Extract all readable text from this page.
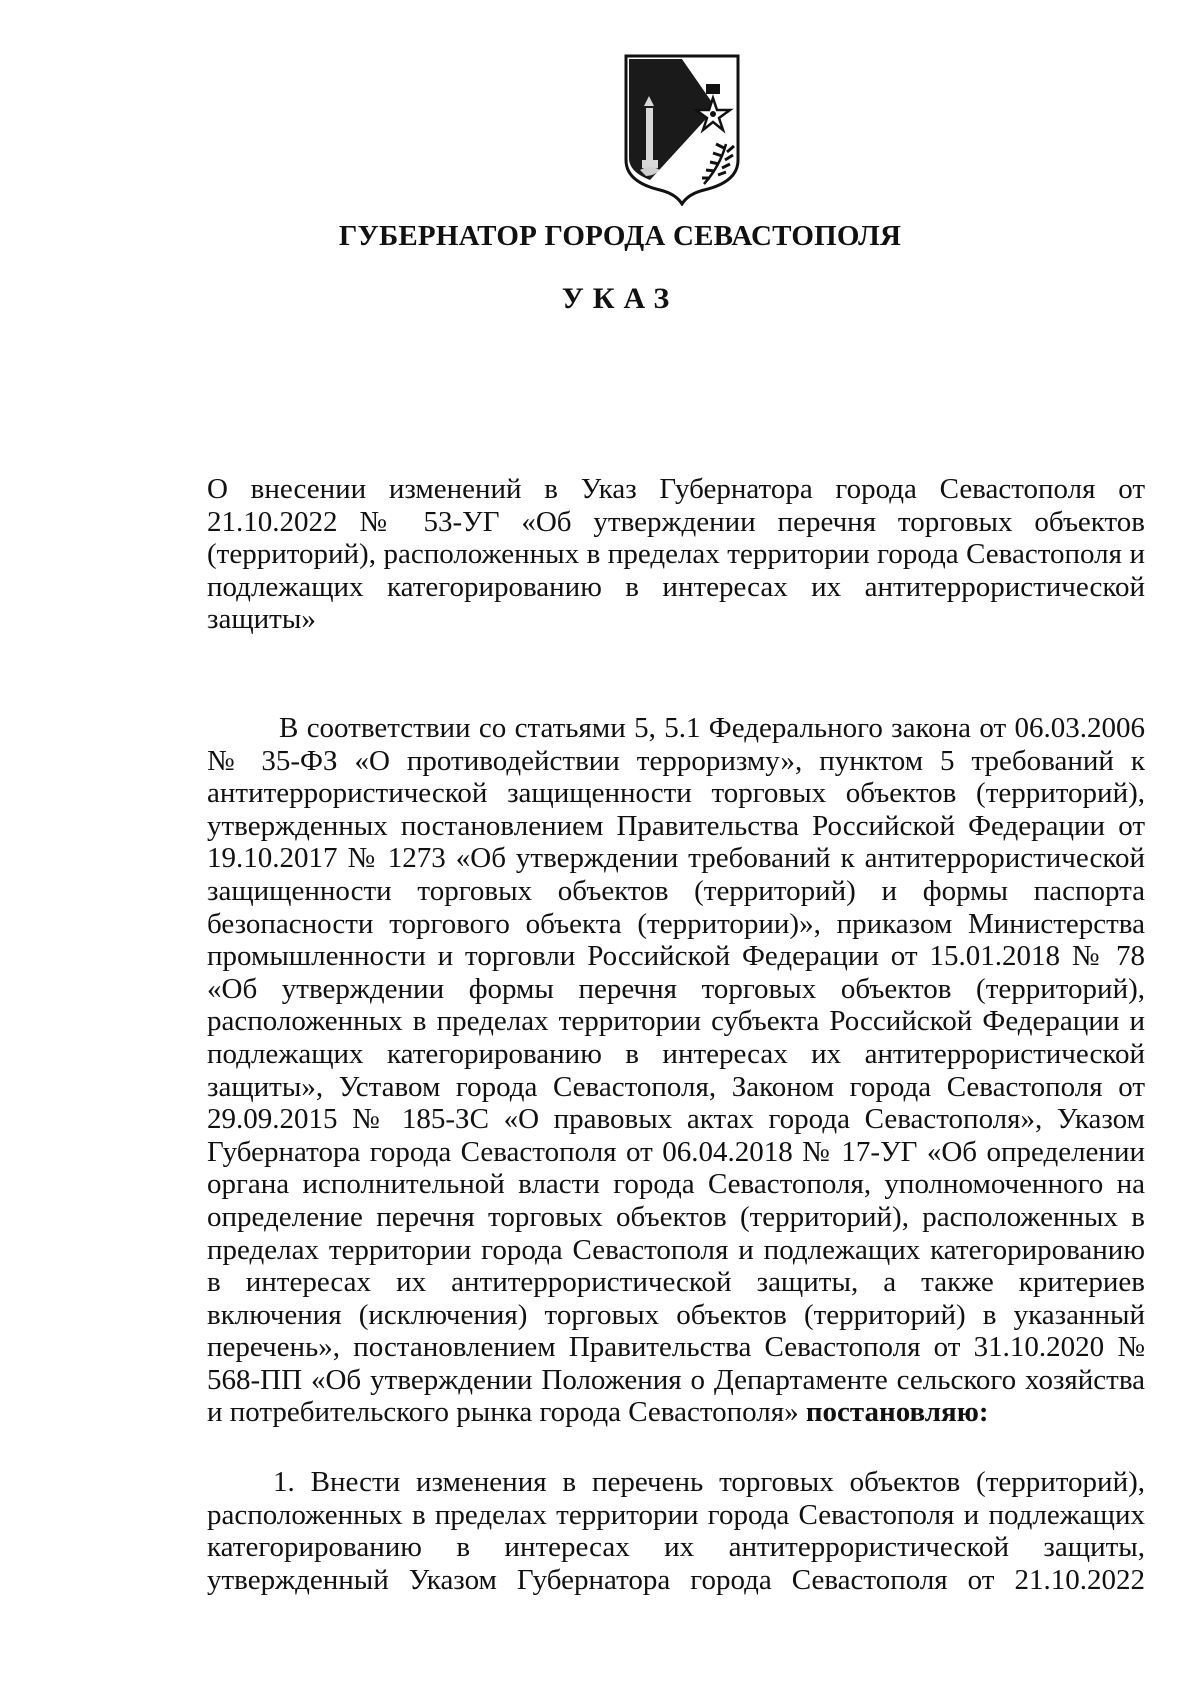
ГУБЕРНАТОР ГОРОДА СЕВАСТОПОЛЯ
УКАЗ
О внесении изменений в Указ Губернатора города Севастополя от 21.10.2022 № 53-УГ «Об утверждении перечня торговых объектов (территорий), расположенных в пределах территории города Севастополя и подлежащих категорированию в интересах их антитеррористической защиты»

В соответствии со статьями 5, 5.1 Федерального закона от 06.03.2006 № 35-ФЗ «О противодействии терроризму», пунктом 5 требований к антитеррористической защищенности торговых объектов (территорий), утвержденных постановлением Правительства Российской Федерации от 19.10.2017 № 1273 «Об утверждении требований к антитеррористической защищенности торговых объектов (территорий) и формы паспорта безопасности торгового объекта (территории)», приказом Министерства промышленности и торговли Российской Федерации от 15.01.2018 № 78 «Об утверждении формы перечня торговых объектов (территорий), расположенных в пределах территории субъекта Российской Федерации и подлежащих категорированию в интересах их антитеррористической защиты», Уставом города Севастополя, Законом города Севастополя от 29.09.2015 № 185-ЗС «О правовых актах города Севастополя», Указом Губернатора города Севастополя от 06.04.2018 № 17-УГ «Об определении органа исполнительной власти города Севастополя, уполномоченного на определение перечня торговых объектов (территорий), расположенных в пределах территории города Севастополя и подлежащих категорированию в интересах их антитеррористической защиты, а также критериев включения (исключения) торговых объектов (территорий) в указанный перечень», постановлением Правительства Севастополя от 31.10.2020 № 568-ПП «Об утверждении Положения о Департаменте сельского хозяйства и потребительского рынка города Севастополя» постановляю:

1. Внести изменения в перечень торговых объектов (территорий), расположенных в пределах территории города Севастополя и подлежащих категорированию в интересах их антитеррористической защиты, утвержденный Указом Губернатора города Севастополя от 21.10.2022
